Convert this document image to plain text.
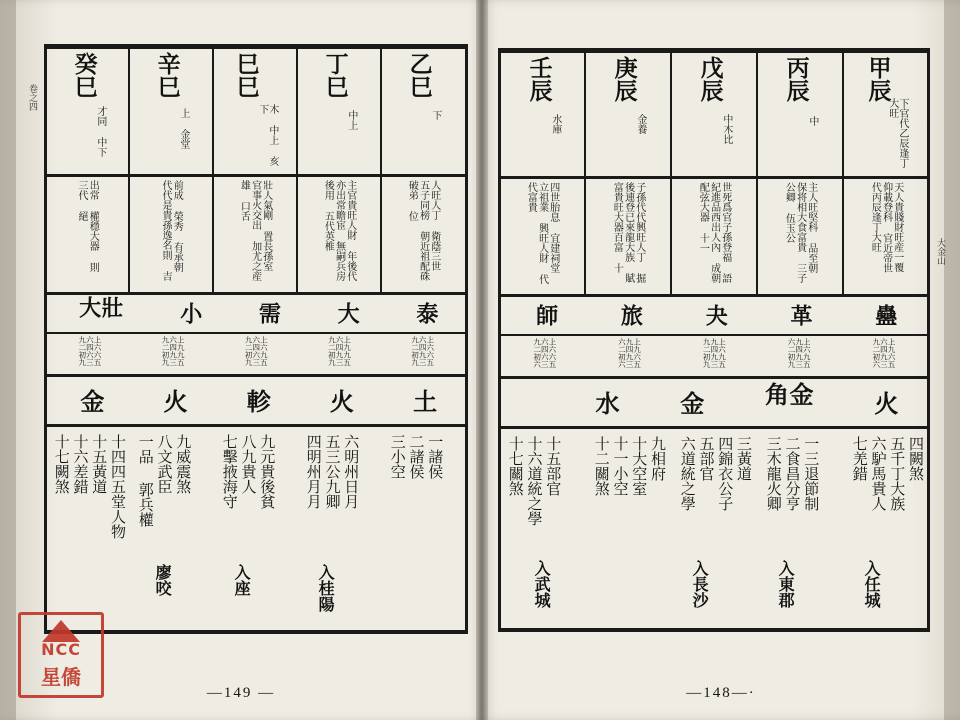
甲辰
下官代乙辰逢丁大旺
丙辰
中
戊辰
中木比
庚辰
金養
壬辰
水庫
天人貴賤財旺産一覆 仰載登科 官近帝世 代丙辰逢丁大旺
主人旺堅科 品至朝 保将相大食富貴 三子公卿 伍玉公
世死爲官子孫登福 語紀進品西出人內 成朝配弦大器 十一
子孫代代興旺人丁 掘後連登已來龍大族 賦富貴旺大器百富 十
四世胎息 宜建祠堂 立祖業 興旺人財 代代富貴
蠱
革
夬
旅
師
上九六五六四九三九二初六
上六九五九四九三六二初九
上六九五九四九三九二初九
上九六五九四九三六二初六
上六六五六四六三九二初六
火
金角
金
水
七羌錯 六馿馬貴人 五千丁大族 四闕煞
三木龍火卿 二食昌分亨 一三退節制
六道統之學 五部官 四錦衣公子 三黃道
十二關煞 十一小空 十大空室 九相府
十七關煞 十六道統之學 十五部官
入任城
入東郡
入長沙
入武城
大金山
—148—·
乙巳
下
丁巳
中上
巳巳
木 中上 亥 下
辛巳
上 金堂
癸巳
才同 中下
人旺人丁 衛蔭三世 五子同榜 朝近祖配硃破弟 位
主官貴旺人財 年後代亦出常瞻宦 無嗣兵房後用 五代英椎
壯人氣剛 置長孫室 官事火交出 加尤之産雄 口舌
前成 榮秀 有承朝 代代是貴孫逸名則 吉
出常 權穩大器 則 三代 絕
泰
大
需
小
壯大
上六六五六四九三九二初九
上九九五六四九三九二初九
上六九五六四六三九二初九
上九九五六四九三九二初九
上六六五六四六三九二初九
土
火
軫
火
金
三小空 二諸侯 一諸侯
四明州月月 五三公九卿 六明州日月
七擊掖海守 八九貴人 九元貴後貧
一品 郭兵權 八文武臣 九威震煞
十七闕煞 十六差錯 十五黃道 十四四五堂人物
入桂陽
入座
廖咬
卷之四
—149 —
NCC
星僑
